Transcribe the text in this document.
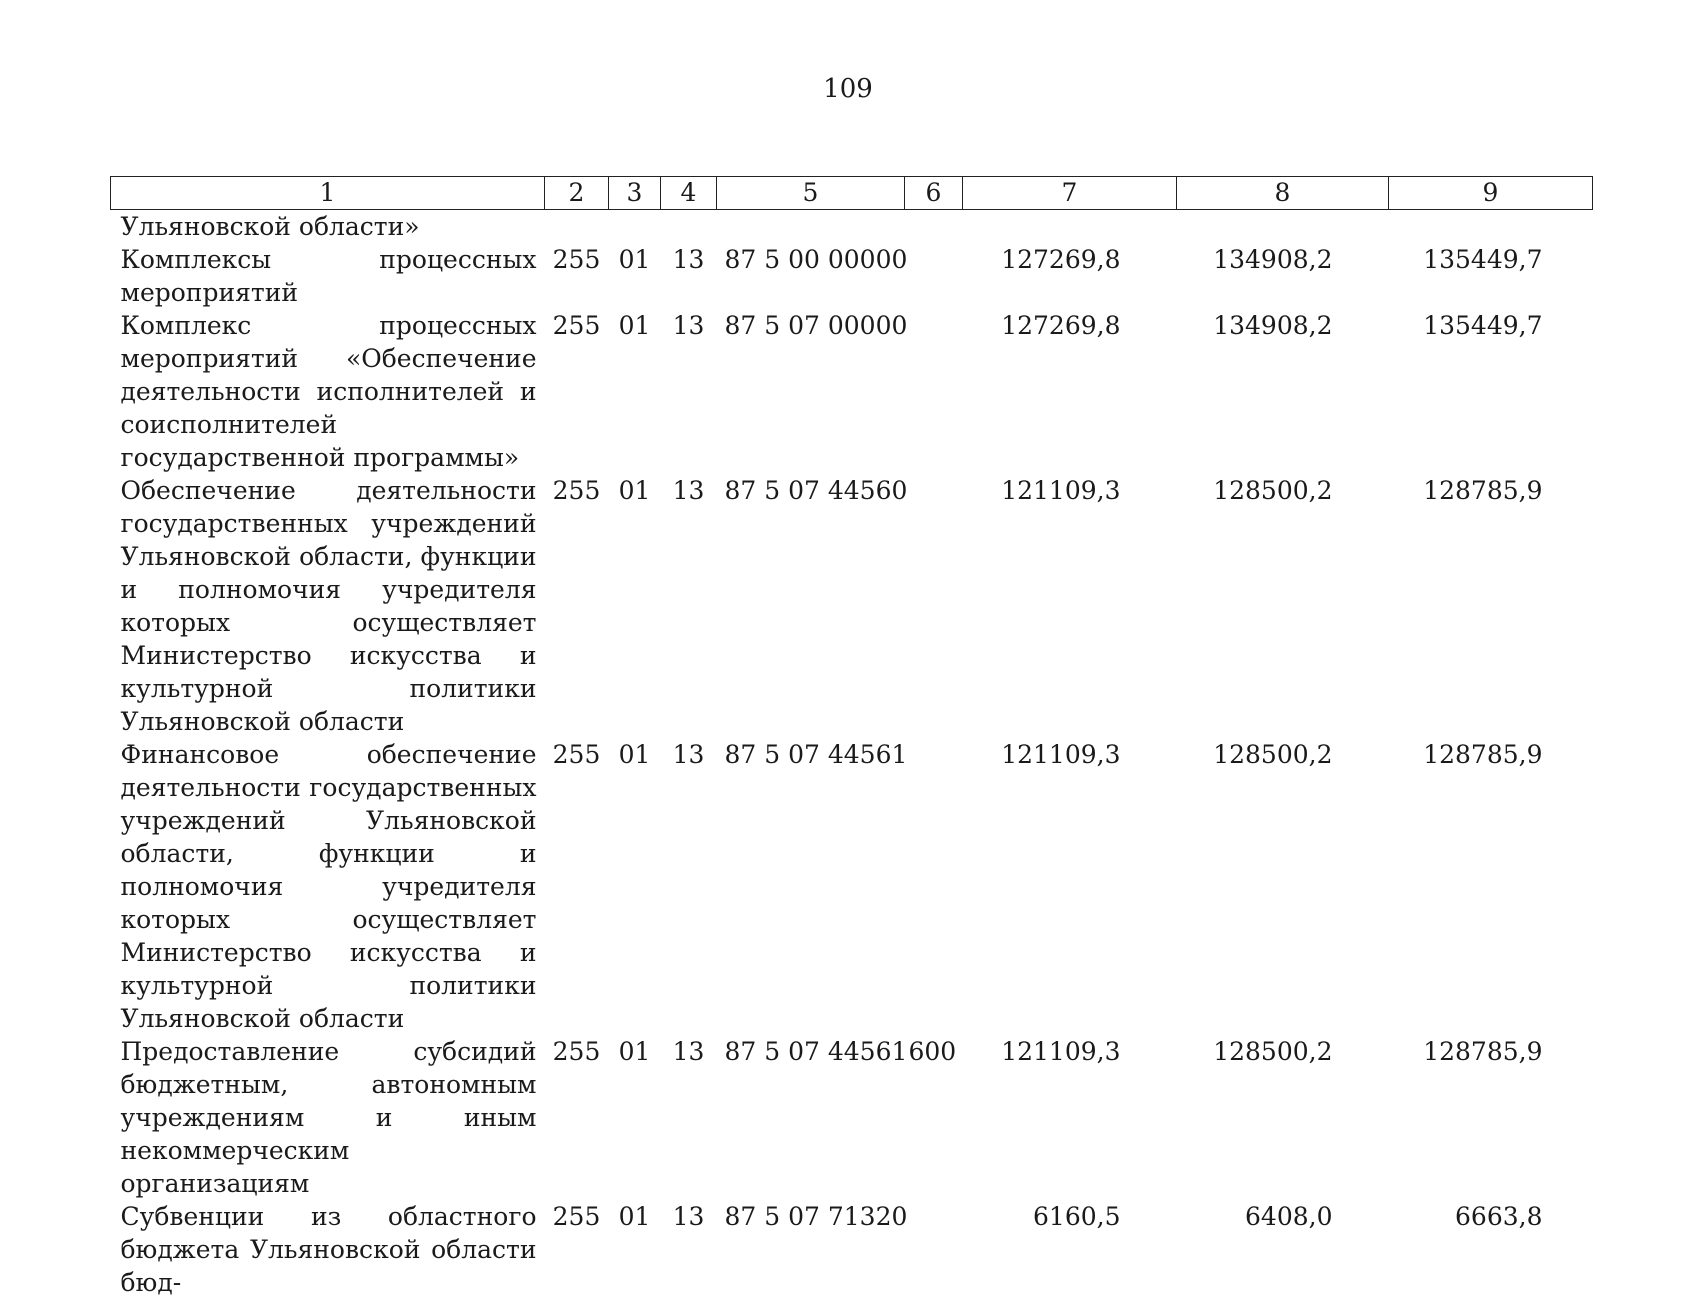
109
1	2	3	4	5	6	7	8	9
Ульяновской области»								
Комплексы процессных мероприятий	255	01	13	87 5 00 00000		127269,8	134908,2	135449,7
Комплекс процессных мероприятий «Обеспечение деятельности исполнителей и соисполнителей государственной программы»	255	01	13	87 5 07 00000		127269,8	134908,2	135449,7
Обеспечение деятельности государственных учреждений Ульяновской области, функции и полномочия учредителя которых осуществляет Министерство искусства и культурной политики Ульяновской области	255	01	13	87 5 07 44560		121109,3	128500,2	128785,9
Финансовое обеспечение деятельности государственных учреждений Ульяновской области, функции и полномочия учредителя которых осуществляет Министерство искусства и культурной политики Ульяновской области	255	01	13	87 5 07 44561		121109,3	128500,2	128785,9
Предоставление субсидий бюджетным, автономным учреждениям и иным некоммерческим организациям	255	01	13	87 5 07 44561	600	121109,3	128500,2	128785,9
Субвенции из областного бюджета Ульяновской области бюд-	255	01	13	87 5 07 71320		6160,5	6408,0	6663,8
